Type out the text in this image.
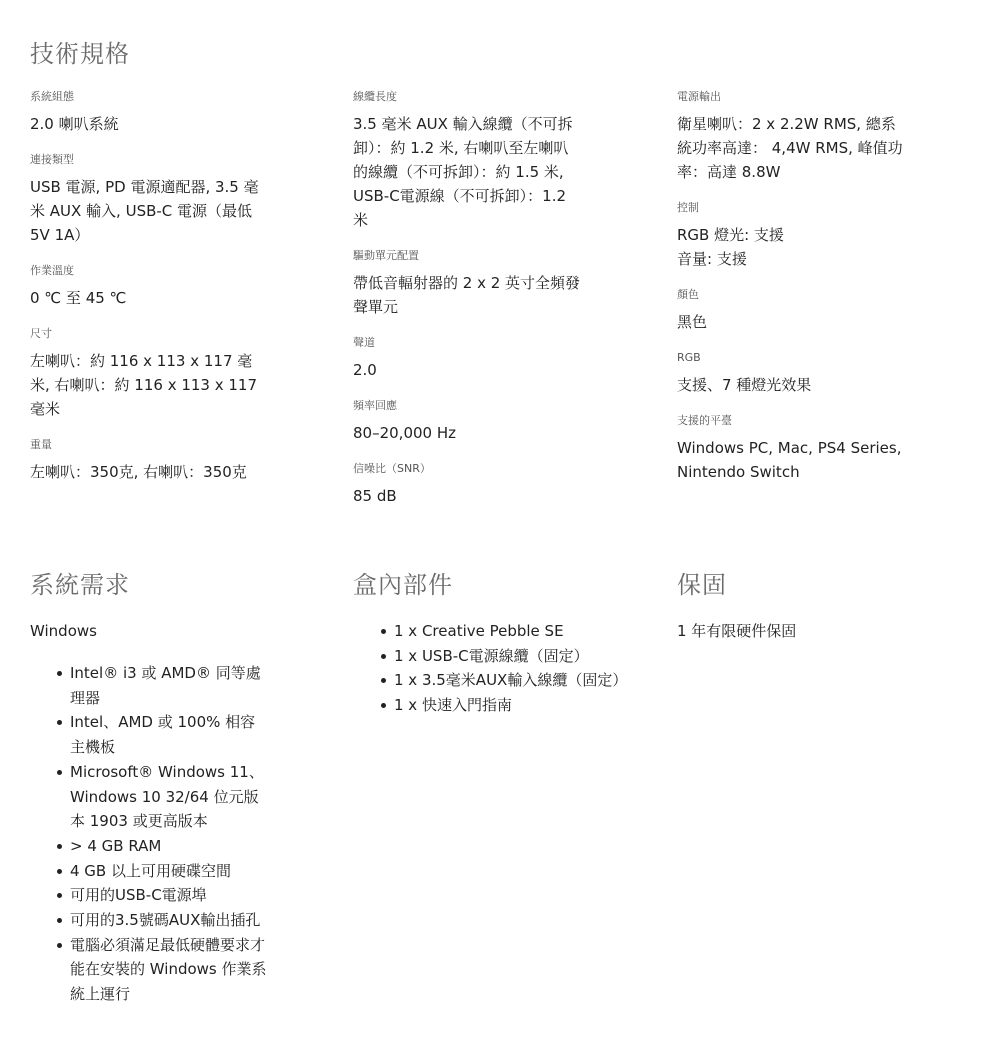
技術規格
系統組態
2.0 喇叭系統
連接類型
USB 電源, PD 電源適配器, 3.5 毫
米 AUX 輸入, USB-C 電源（最低
5V 1A）
作業溫度
0 ℃ 至 45 ℃
尺寸
左喇叭：約 116 x 113 x 117 毫
米, 右喇叭：約 116 x 113 x 117
毫米
重量
左喇叭：350克, 右喇叭：350克
線纜長度
3.5 毫米 AUX 輸入線纜（不可拆
卸）：約 1.2 米, 右喇叭至左喇叭
的線纜（不可拆卸）：約 1.5 米,
USB-C電源線（不可拆卸）：1.2
米
驅動單元配置
帶低音輻射器的 2 x 2 英寸全頻發
聲單元
聲道
2.0
頻率回應
80–20,000 Hz
信噪比（SNR）
85 dB
電源輸出
衛星喇叭：2 x 2.2W RMS, 總系
統功率高達： 4,4W RMS, 峰值功
率：高達 8.8W
控制
RGB 燈光: 支援
音量: 支援
顏色
黑色
RGB
支援、7 種燈光效果
支援的平臺
Windows PC, Mac, PS4 Series,
Nintendo Switch
系統需求
Windows
Intel® i3 或 AMD® 同等處理器
Intel、AMD 或 100% 相容主機板
Microsoft® Windows 11、Windows 10 32/64 位元版本 1903 或更高版本
> 4 GB RAM
4 GB 以上可用硬碟空間
可用的USB-C電源埠
可用的3.5號碼AUX輸出插孔
電腦必須滿足最低硬體要求才能在安裝的 Windows 作業系統上運行
盒內部件
1 x Creative Pebble SE
1 x USB-C電源線纜（固定）
1 x 3.5毫米AUX輸入線纜（固定）
1 x 快速入門指南
保固

1 年有限硬件保固
